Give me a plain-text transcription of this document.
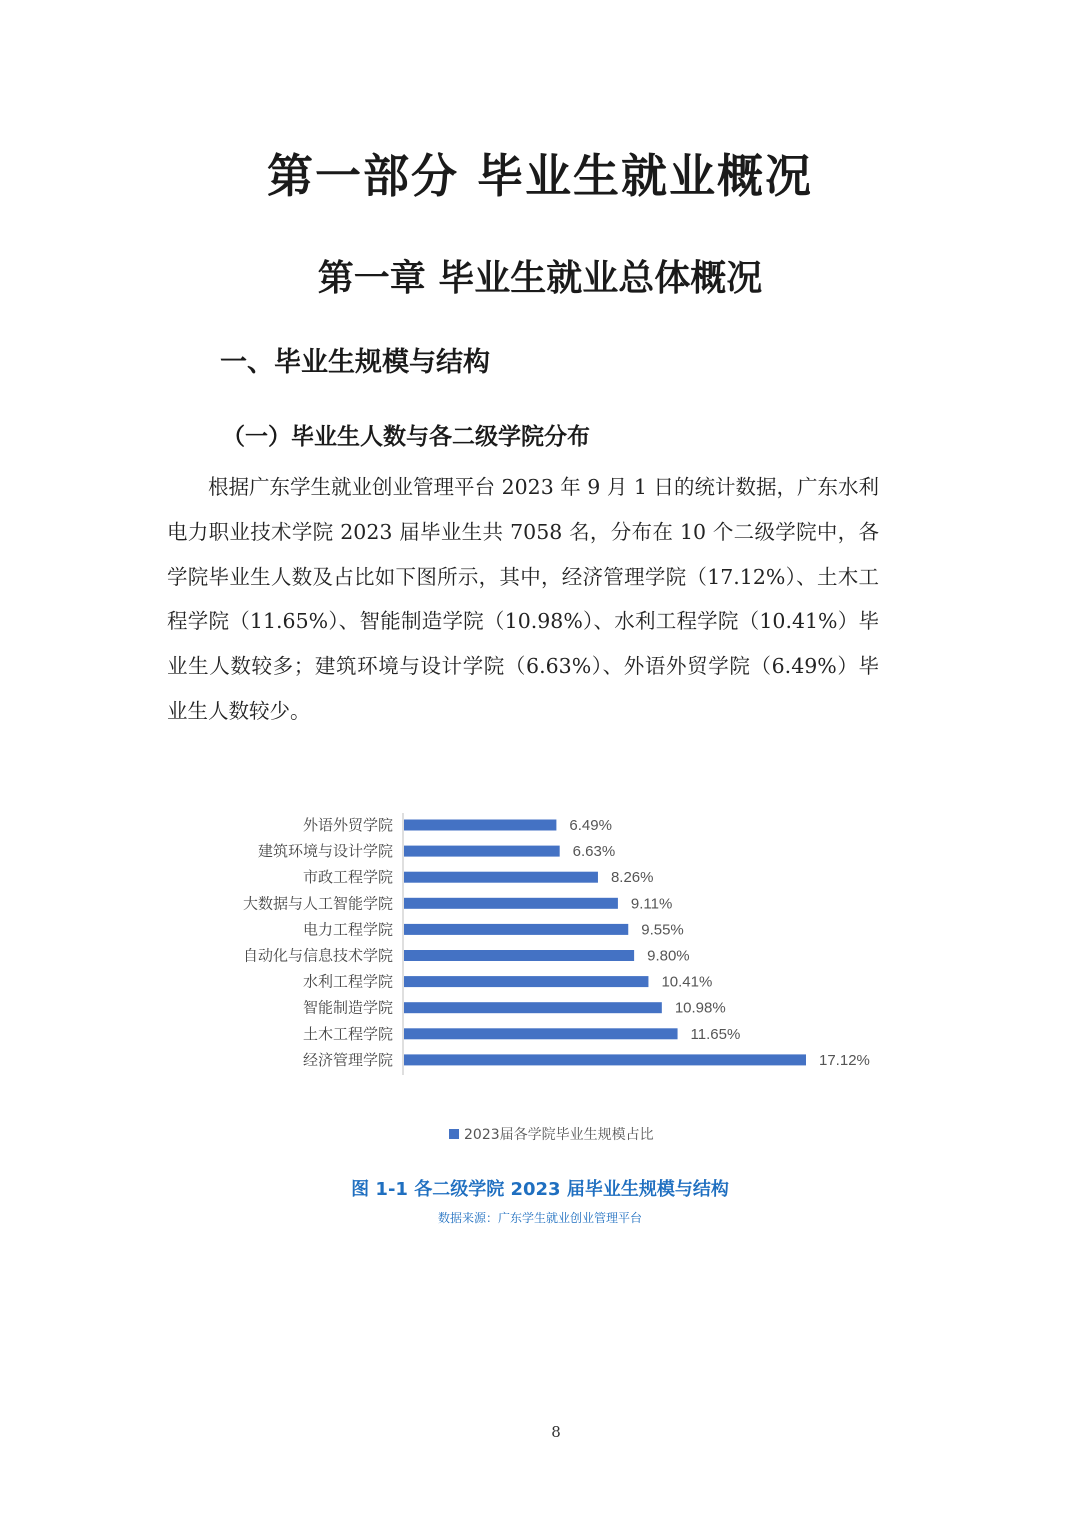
第一部分 毕业生就业概况
第一章 毕业生就业总体概况
一、毕业生规模与结构
（一）毕业生人数与各二级学院分布

根据广东学生就业创业管理平台 2023 年 9 月 1 日的统计数据，广东水利电力职业技术学院 2023 届毕业生共 7058 名，分布在 10 个二级学院中，各学院毕业生人数及占比如下图所示，其中，经济管理学院（17.12%）、土木工程学院（11.65%）、智能制造学院（10.98%）、水利工程学院（10.41%）毕业生人数较多；建筑环境与设计学院（6.63%）、外语外贸学院（6.49%）毕业生人数较少。

外语外贸学院	6.49%
建筑环境与设计学院	6.63%
市政工程学院	8.26%
大数据与人工智能学院	9.11%
电力工程学院	9.55%
自动化与信息技术学院	9.80%
水利工程学院	10.41%
智能制造学院	10.98%
土木工程学院	11.65%
经济管理学院	17.12%
2023届各学院毕业生规模占比

图 1-1 各二级学院 2023 届毕业生规模与结构

数据来源：广东学生就业创业管理平台

8
